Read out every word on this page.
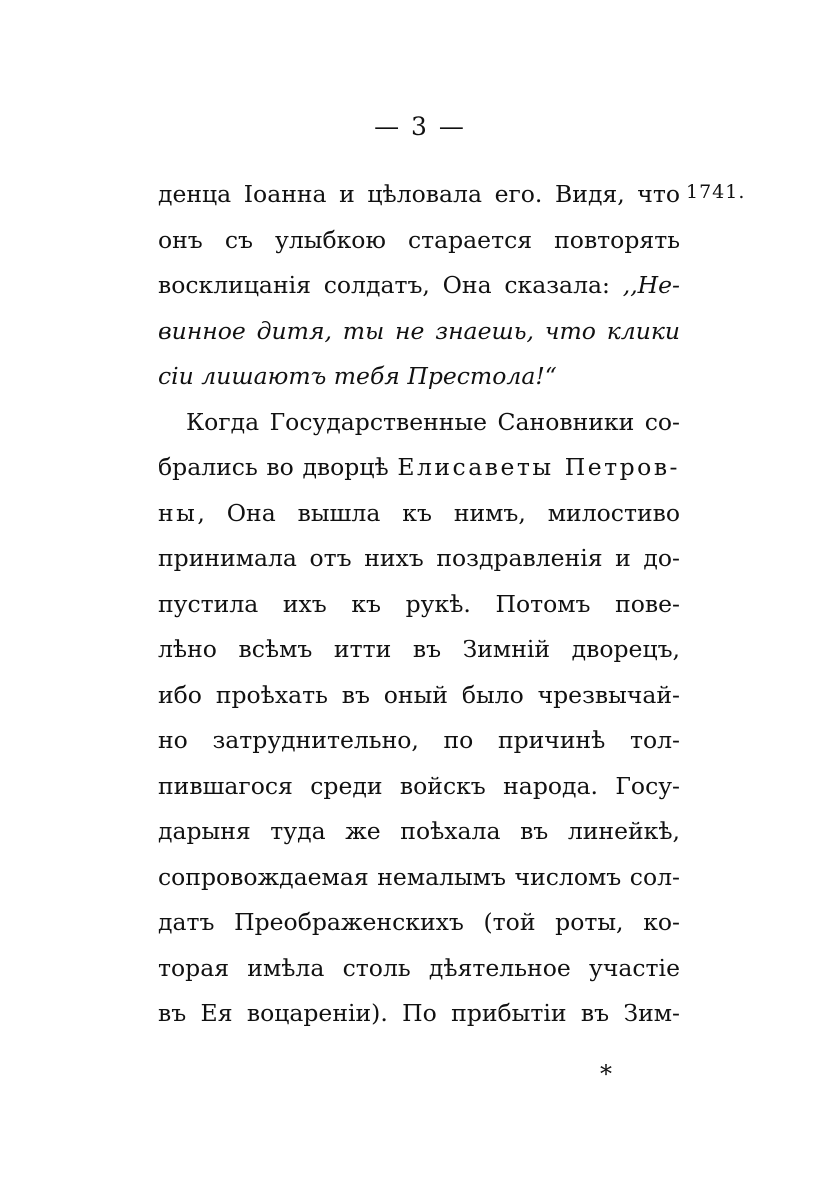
— 3 —
1741.
денца Іоанна и цѣловала его. Видя, что
онъ съ улыбкою старается повторять
восклицанія солдатъ, Она сказала: ,,Не-
винное дитя, ты не знаешь, что клики
сіи лишаютъ тебя Престола!“
Когда Государственные Сановники со-
брались во дворцѣ Елисаветы Петров-
ны, Она вышла къ нимъ, милостиво
принимала отъ нихъ поздравленія и до-
пустила ихъ къ рукѣ. Потомъ пове-
лѣно всѣмъ итти въ Зимній дворецъ,
ибо проѣхать въ оный было чрезвычай-
но затруднительно, по причинѣ тол-
пившагося среди войскъ народа. Госу-
дарыня туда же поѣхала въ линейкѣ,
сопровождаемая немалымъ числомъ сол-
датъ Преображенскихъ (той роты, ко-
торая имѣла столь дѣятельное участіе
въ Ея воцареніи). По прибытіи въ Зим-
*
